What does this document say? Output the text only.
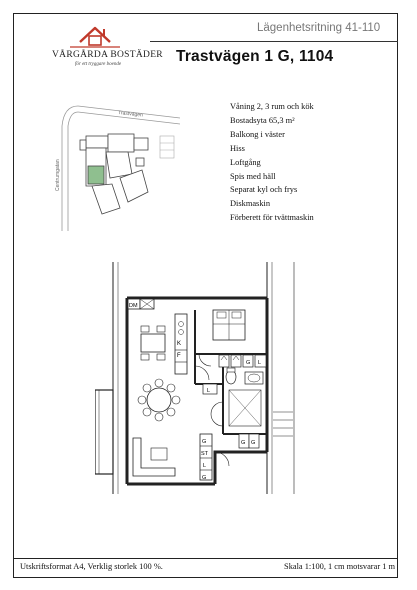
VÅRGÅRDA BOSTÄDER
för ett tryggare boende
Lägenhetsritning 41-110
Trastvägen 1 G, 1104
Våning 2, 3 rum och kök
Bostadsyta 65,3 m²
Balkong i väster
Hiss
Loftgång
Spis med häll
Separat kyl och frys
Diskmaskin
Förberett för tvättmaskin
Trastvägen
Centrumgatan
DM
K
F
G
ST
L
G
G L
G G
L
Utskriftsformat A4, Verklig storlek 100 %.	Skala 1:100, 1 cm motsvarar 1 m
